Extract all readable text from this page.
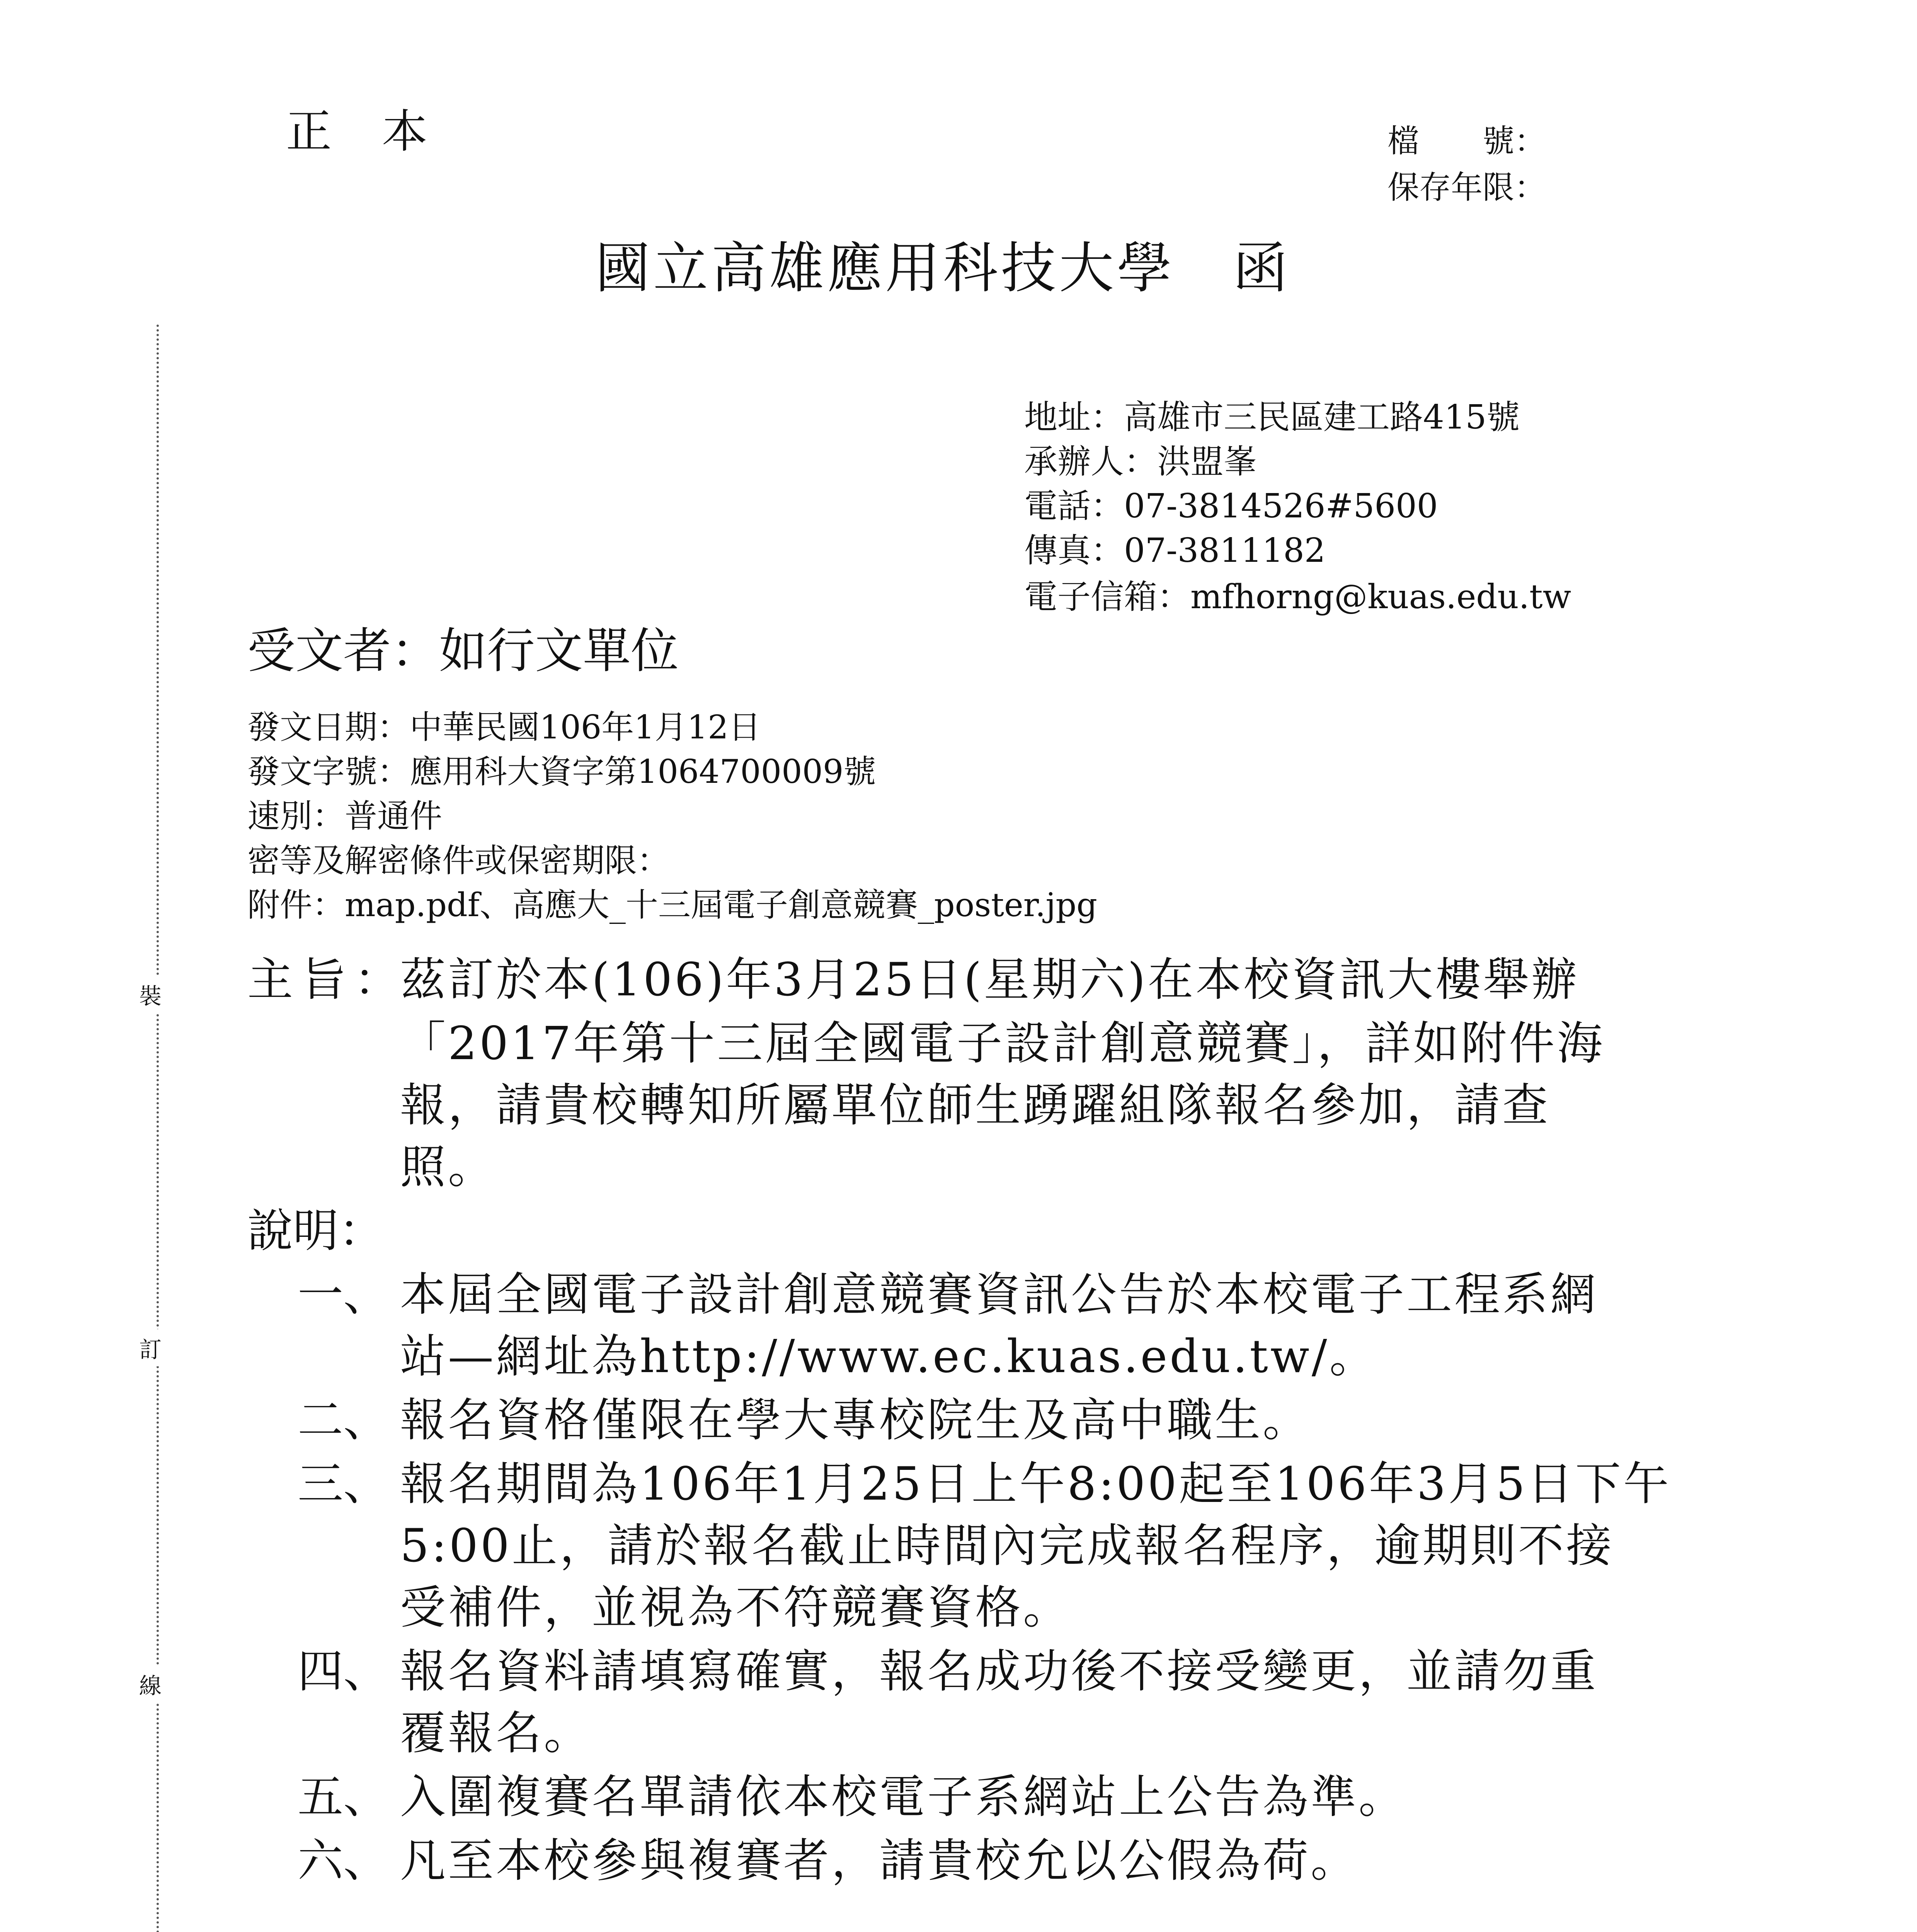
正本	檔　　號：
保存年限：
國立高雄應用科技大學　函
地址：高雄市三民區建工路415號
承辦人：洪盟峯
電話：07-3814526#5600
傳真：07-3811182
電子信箱：mfhorng@kuas.edu.tw
裝
訂
線
受文者：如行文單位
發文日期：中華民國106年1月12日
發文字號：應用科大資字第1064700009號
速別：普通件
密等及解密條件或保密期限：
附件：map.pdf、高應大_十三屆電子創意競賽_poster.jpg
主旨：
茲訂於本(106)年3月25日(星期六)在本校資訊大樓舉辦
「2017年第十三屆全國電子設計創意競賽」，詳如附件海
報，請貴校轉知所屬單位師生踴躍組隊報名參加，請查
照。
說明：
一、 本屆全國電子設計創意競賽資訊公告於本校電子工程系網
站—網址為http://www.ec.kuas.edu.tw/。
二、 報名資格僅限在學大專校院生及高中職生。
三、 報名期間為106年1月25日上午8:00起至106年3月5日下午
5:00止，請於報名截止時間內完成報名程序，逾期則不接
受補件，並視為不符競賽資格。
四、 報名資料請填寫確實，報名成功後不接受變更，並請勿重
覆報名。
五、 入圍複賽名單請依本校電子系網站上公告為準。
六、 凡至本校參與複賽者，請貴校允以公假為荷。
